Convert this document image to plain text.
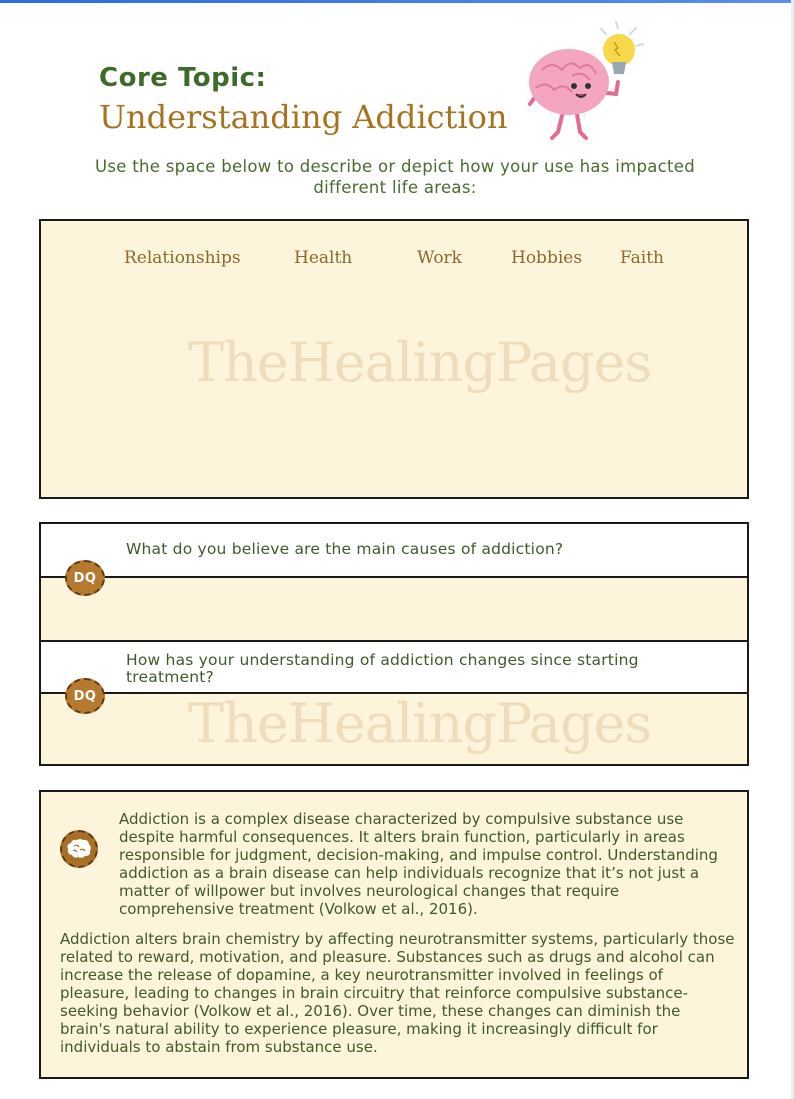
Core Topic:
Understanding Addiction
Use the space below to describe or depict how your use has impacted different life areas:
Relationships	Health	Work	Hobbies Faith
TheHealingPages
What do you believe are the main causes of addiction?
How has your understanding of addiction changes since starting treatment?
TheHealingPages
DQ
DQ

Addiction is a complex disease characterized by compulsive substance use despite harmful consequences. It alters brain function, particularly in areas responsible for judgment, decision-making, and impulse control. Understanding addiction as a brain disease can help individuals recognize that it’s not just a matter of willpower but involves neurological changes that require comprehensive treatment (Volkow et al., 2016).

Addiction alters brain chemistry by affecting neurotransmitter systems, particularly those related to reward, motivation, and pleasure. Substances such as drugs and alcohol can increase the release of dopamine, a key neurotransmitter involved in feelings of pleasure, leading to changes in brain circuitry that reinforce compulsive substance-seeking behavior (Volkow et al., 2016). Over time, these changes can diminish the brain's natural ability to experience pleasure, making it increasingly difficult for individuals to abstain from substance use.
